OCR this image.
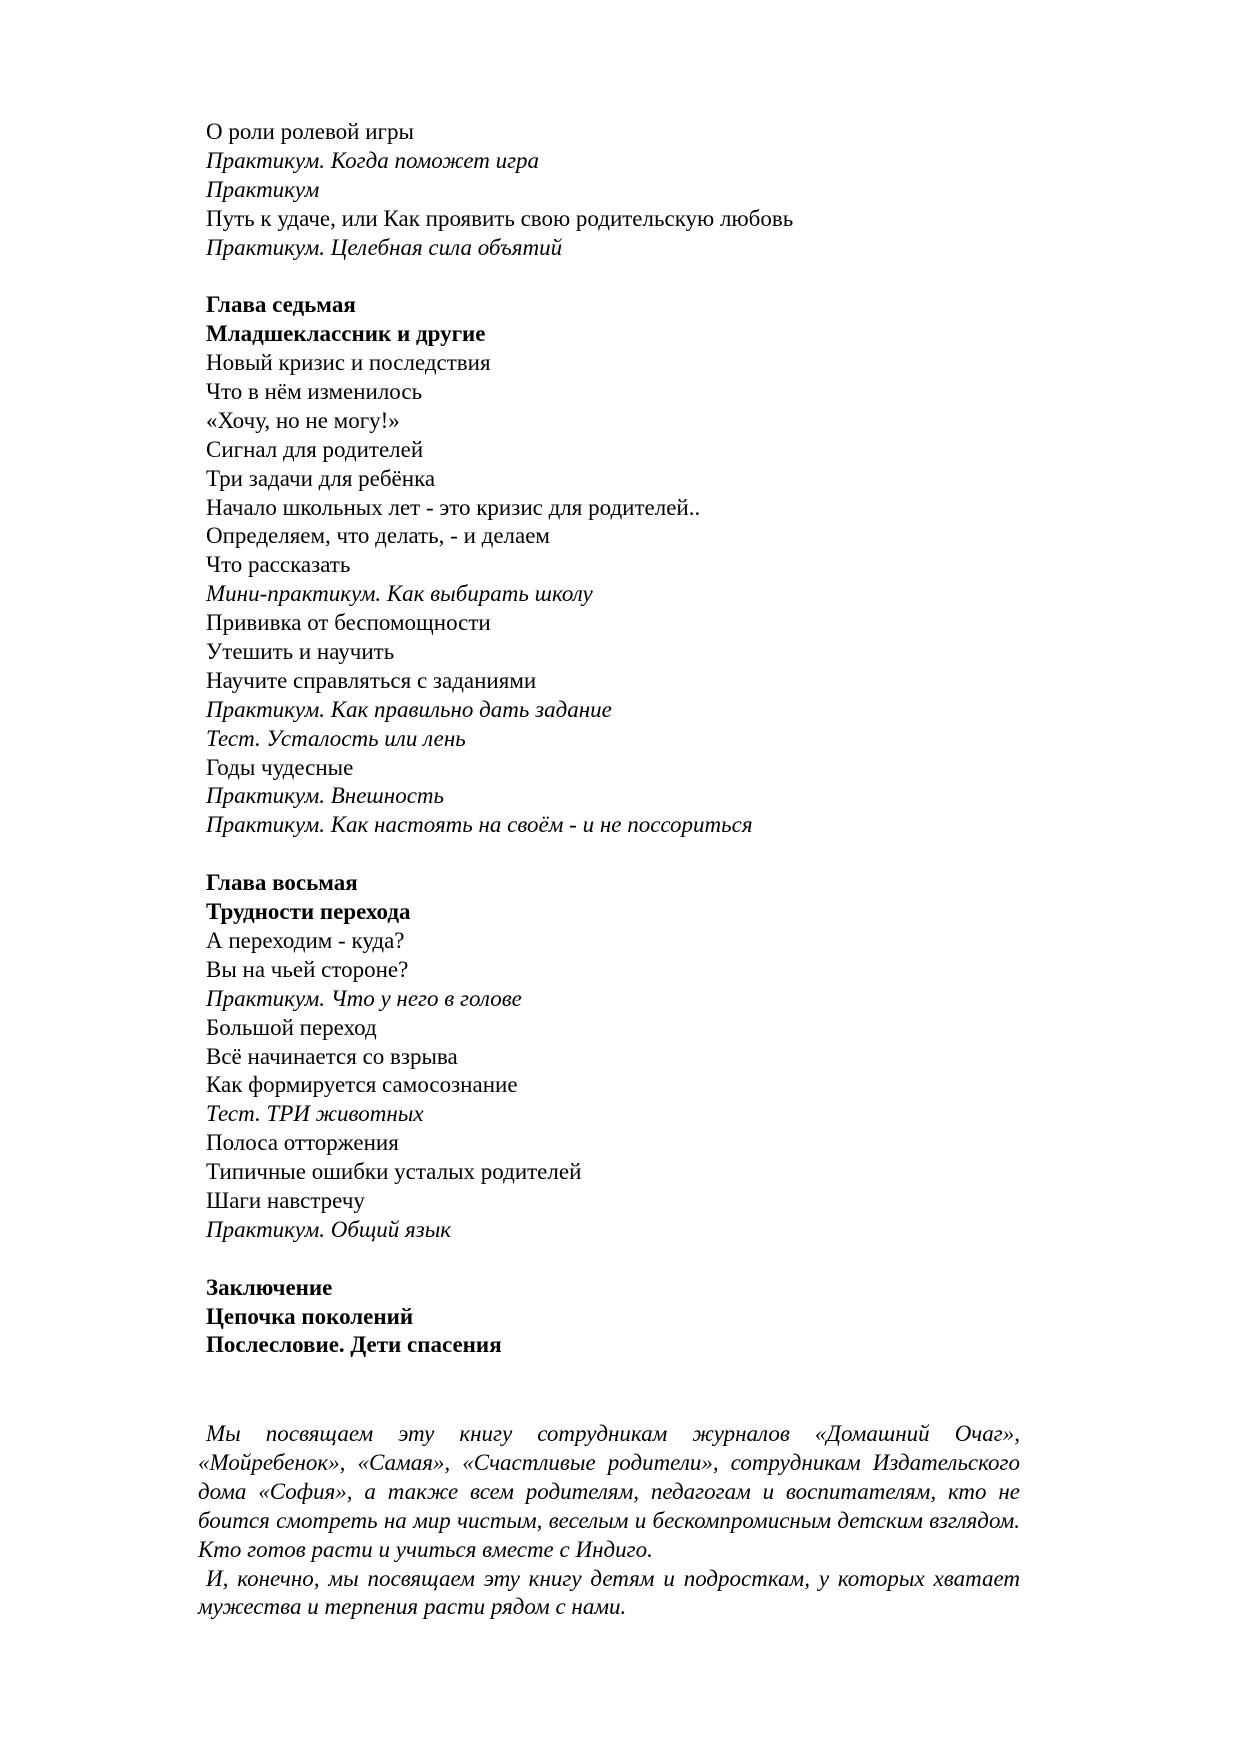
О роли ролевой игры
Практикум. Когда поможет игра
Практикум
Путь к удаче, или Как проявить свою родительскую любовь
Практикум. Целебная сила объятий
Глава седьмая
Младшеклассник и другие
Новый кризис и последствия
Что в нём изменилось
«Хочу, но не могу!»
Сигнал для родителей
Три задачи для ребёнка
Начало школьных лет - это кризис для родителей..
Определяем, что делать, - и делаем
Что рассказать
Мини-практикум. Как выбирать школу
Прививка от беспомощности
Утешить и научить
Научите справляться с заданиями
Практикум. Как правильно дать задание
Тест. Усталость или лень
Годы чудесные
Практикум. Внешность
Практикум. Как настоять на своём - и не поссориться
Глава восьмая
Трудности перехода
А переходим - куда?
Вы на чьей стороне?
Практикум. Что у него в голове
Большой переход
Всё начинается со взрыва
Как формируется самосознание
Тест. ТРИ животных
Полоса отторжения
Типичные ошибки усталых родителей
Шаги навстречу
Практикум. Общий язык
Заключение
Цепочка поколений
Послесловие. Дети спасения

Мы посвящаем эту книгу сотрудникам журналов «Домашний Очаг», «Мойребенок», «Самая», «Счастливые родители», сотрудникам Издательского дома «София», а также всем родителям, педагогам и воспитателям, кто не боится смотреть на мир чистым, веселым и бескомпромисным детским взглядом. Кто готов расти и учиться вместе с Индиго.

И, конечно, мы посвящаем эту книгу детям и подросткам, у которых хватает мужества и терпения расти рядом с нами.
